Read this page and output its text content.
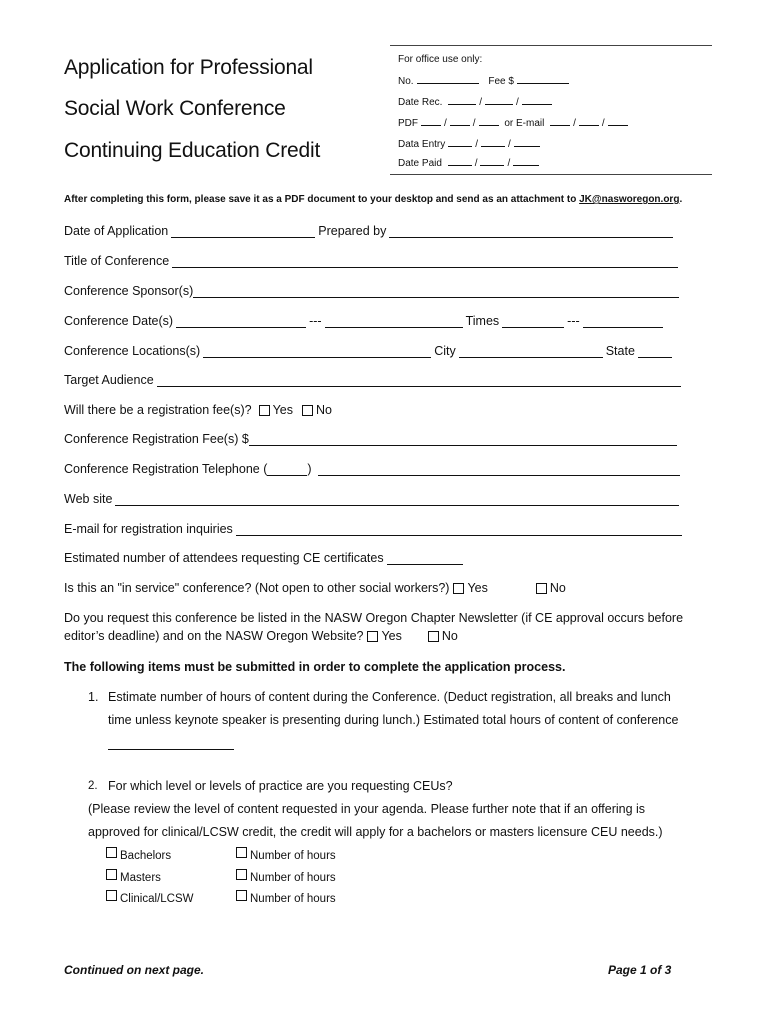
Application for Professional
Social Work Conference
Continuing Education Credit
For office use only:
No.	Fee $
Date Rec.	/	/
PDF	/	/	or E-mail	/	/
Data Entry	/	/
Date Paid	/	/
After completing this form, please save it as a PDF document to your desktop and send as an attachment to JK@nasworegon.org.
Date of Application	Prepared by
Title of Conference
Conference Sponsor(s)
Conference Date(s)	---	Times	---
Conference Locations(s)	City	State
Target Audience
Will there be a registration fee(s)? Yes No
Conference Registration Fee(s) $
Conference Registration Telephone (	)
Web site
E-mail for registration inquiries
Estimated number of attendees requesting CE certificates
Is this an "in service" conference? (Not open to other social workers?) Yes	No
Do you request this conference be listed in the NASW Oregon Chapter Newsletter (if CE approval occurs before
editor’s deadline) and on the NASW Oregon Website? Yes	No
The following items must be submitted in order to complete the application process.
1. Estimate number of hours of content during the Conference. (Deduct registration, all breaks and lunch
time unless keynote speaker is presenting during lunch.) Estimated total hours of content of conference
2. For which level or levels of practice are you requesting CEUs?
(Please review the level of content requested in your agenda. Please further note that if an offering is
approved for clinical/LCSW credit, the credit will apply for a bachelors or masters licensure CEU needs.)
Bachelors	Number of hours
Masters	Number of hours
Clinical/LCSW	Number of hours
Continued on next page.	Page 1 of 3
